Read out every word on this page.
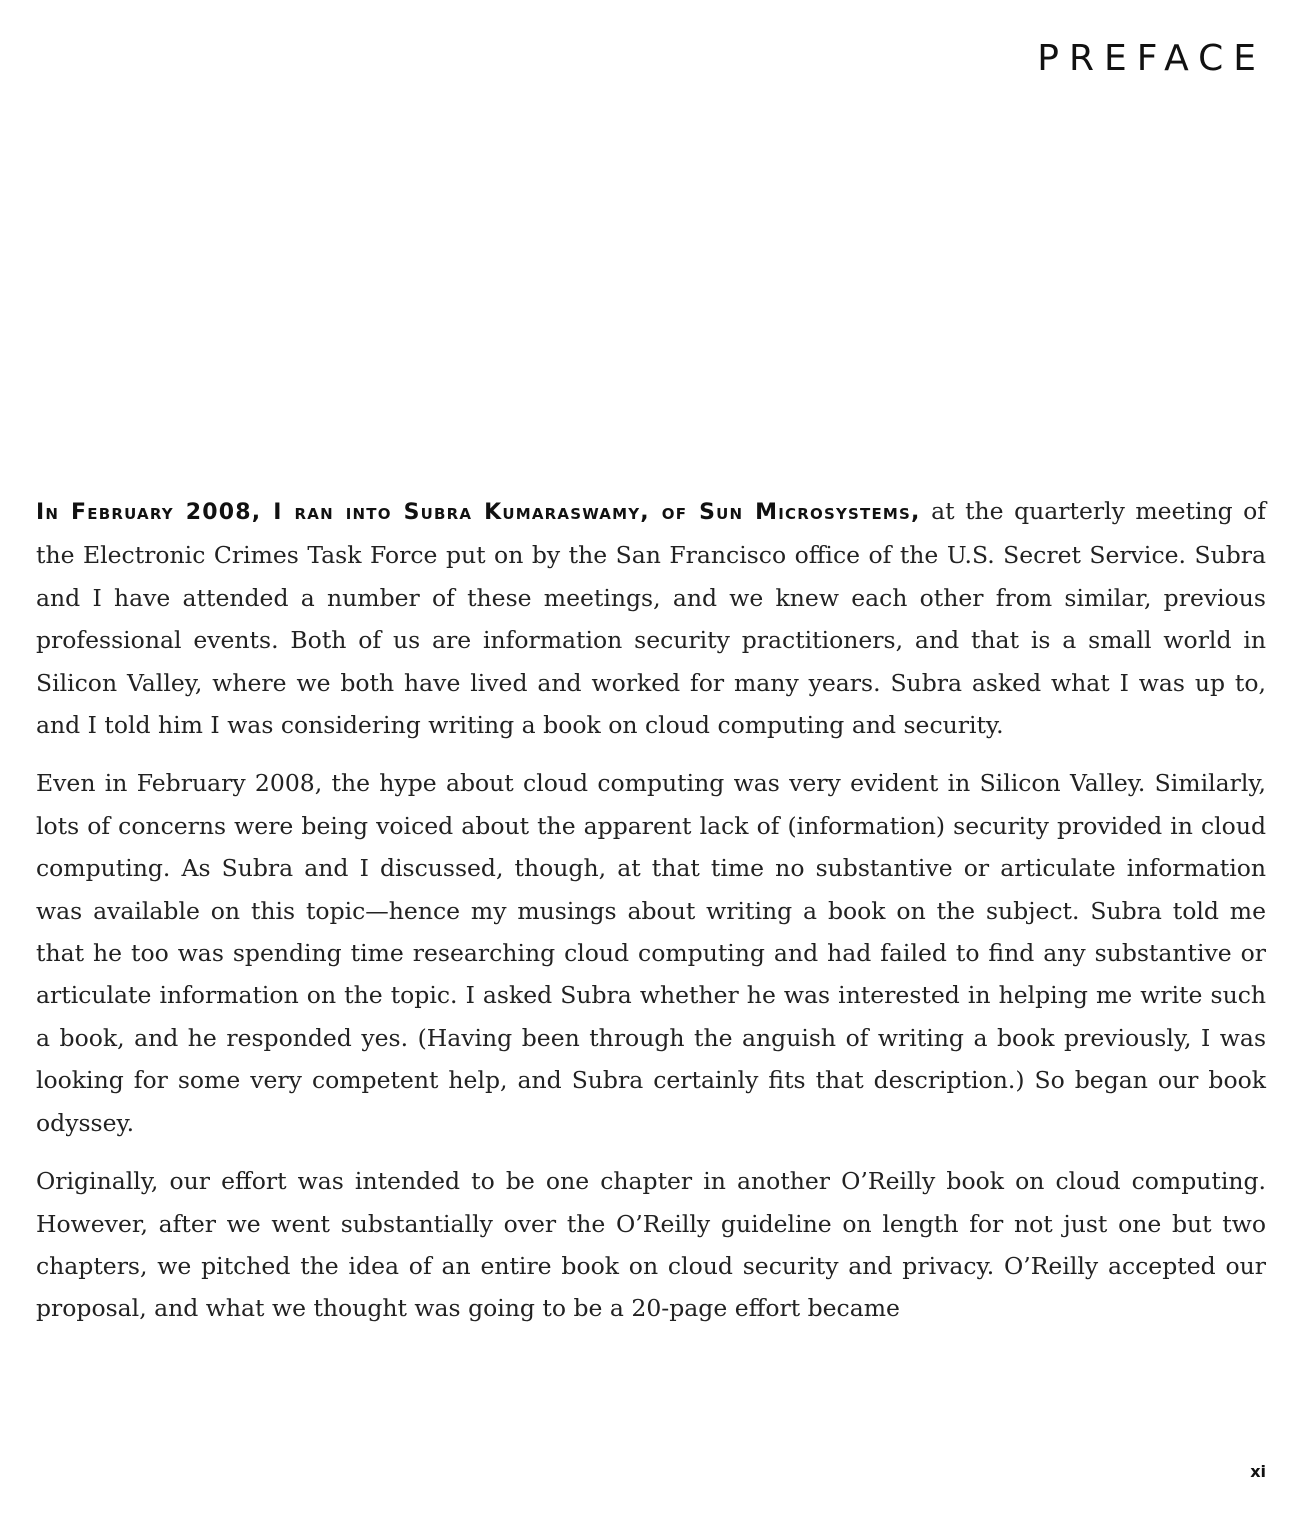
PREFACE

In February 2008, I ran into Subra Kumaraswamy, of Sun Microsystems, at the quarterly meeting of the Electronic Crimes Task Force put on by the San Francisco office of the U.S. Secret Service. Subra and I have attended a number of these meetings, and we knew each other from similar, previous professional events. Both of us are information security practitioners, and that is a small world in Silicon Valley, where we both have lived and worked for many years. Subra asked what I was up to, and I told him I was considering writing a book on cloud computing and security.

Even in February 2008, the hype about cloud computing was very evident in Silicon Valley. Similarly, lots of concerns were being voiced about the apparent lack of (information) security provided in cloud computing. As Subra and I discussed, though, at that time no substantive or articulate information was available on this topic—hence my musings about writing a book on the subject. Subra told me that he too was spending time researching cloud computing and had failed to find any substantive or articulate information on the topic. I asked Subra whether he was interested in helping me write such a book, and he responded yes. (Having been through the anguish of writing a book previously, I was looking for some very competent help, and Subra certainly fits that description.) So began our book odyssey.

Originally, our effort was intended to be one chapter in another O’Reilly book on cloud computing. However, after we went substantially over the O’Reilly guideline on length for not just one but two chapters, we pitched the idea of an entire book on cloud security and privacy. O’Reilly accepted our proposal, and what we thought was going to be a 20-page effort became

xi
